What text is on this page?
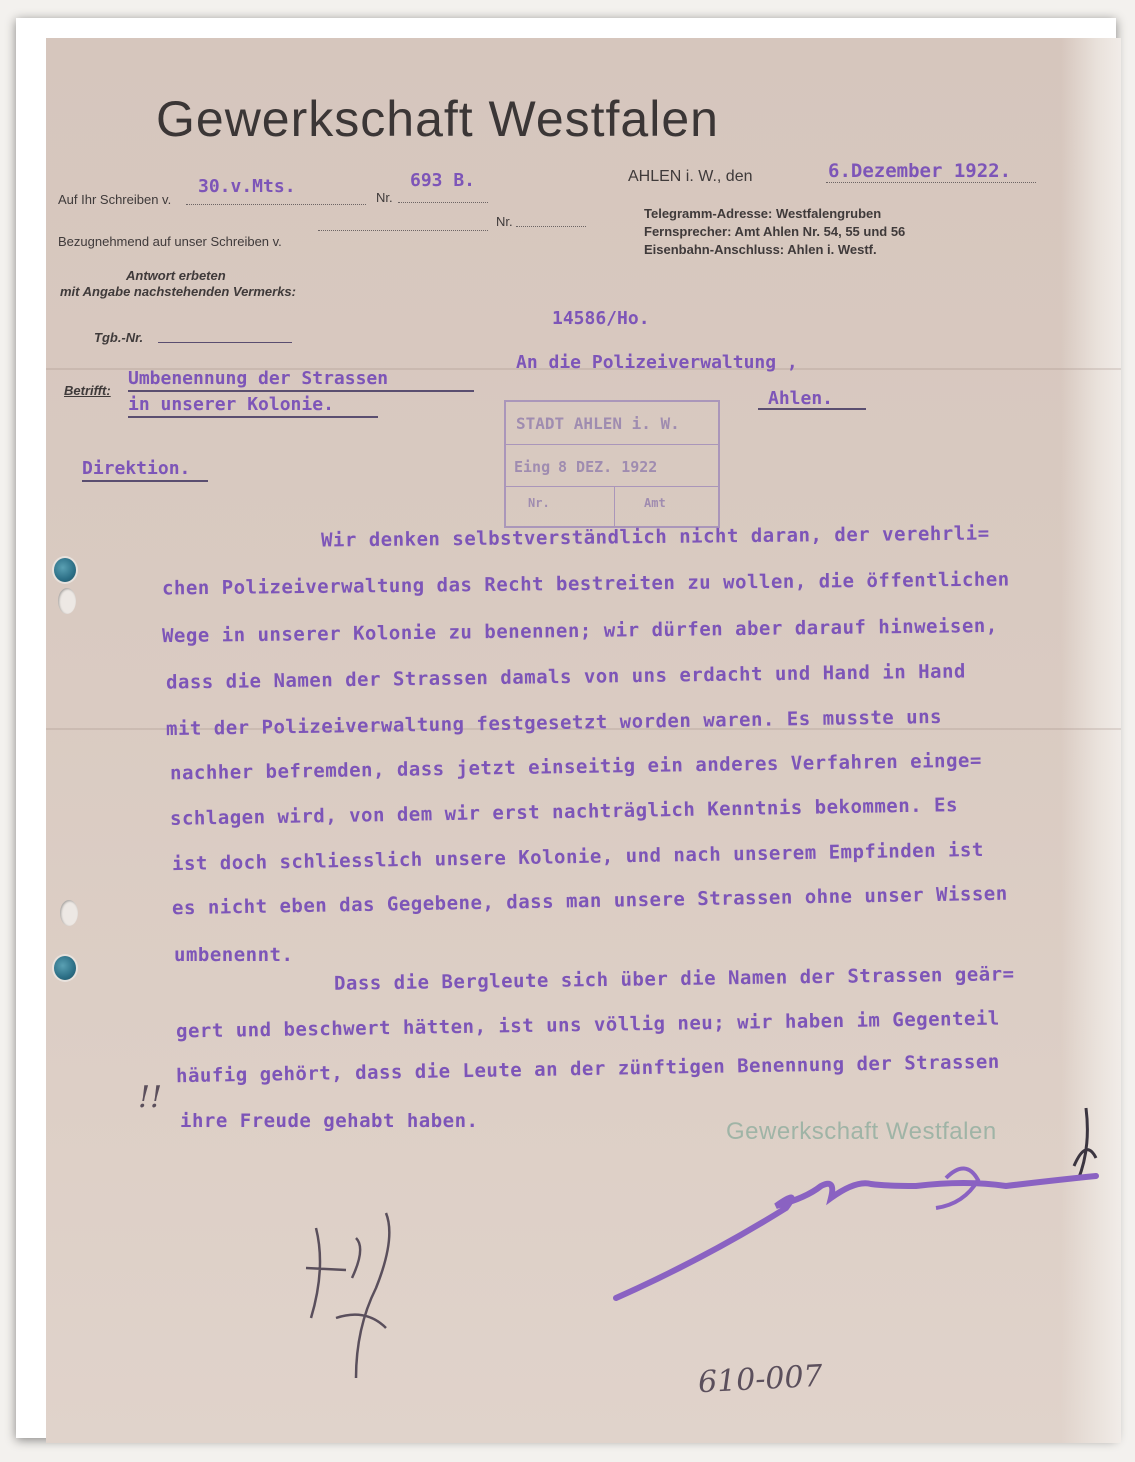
Gewerkschaft Westfalen
Auf Ihr Schreiben v.
30.v.Mts.
Nr.
693 B.
Bezugnehmend auf unser Schreiben v.
Nr.
AHLEN i. W., den	6.Dezember 1922.
Telegramm-Adresse: Westfalengruben
Fernsprecher: Amt Ahlen Nr. 54, 55 und 56
Eisenbahn-Anschluss: Ahlen i. Westf.
Antwort erbeten
mit Angabe nachstehenden Vermerks:
Tgb.-Nr.
14586/Ho.
An die Polizeiverwaltung ,
Ahlen.
Betrifft:
Umbenennung der Strassen
in unserer Kolonie.
Direktion.
STADT AHLEN i. W.
Eing 8 DEZ. 1922
Nr.	Amt
Wir denken selbstverständlich nicht daran, der verehrli=
chen Polizeiverwaltung das Recht bestreiten zu wollen, die öffentlichen
Wege in unserer Kolonie zu benennen; wir dürfen aber darauf hinweisen,
dass die Namen der Strassen damals von uns erdacht und Hand in Hand
mit der Polizeiverwaltung festgesetzt worden waren. Es musste uns
nachher befremden, dass jetzt einseitig ein anderes Verfahren einge=
schlagen wird, von dem wir erst nachträglich Kenntnis bekommen. Es
ist doch schliesslich unsere Kolonie, und nach unserem Empfinden ist
es nicht eben das Gegebene, dass man unsere Strassen ohne unser Wissen
umbenennt.
Dass die Bergleute sich über die Namen der Strassen geär=
gert und beschwert hätten, ist uns völlig neu; wir haben im Gegenteil
häufig gehört, dass die Leute an der zünftigen Benennung der Strassen
ihre Freude gehabt haben.
!!
Gewerkschaft Westfalen
610-007
